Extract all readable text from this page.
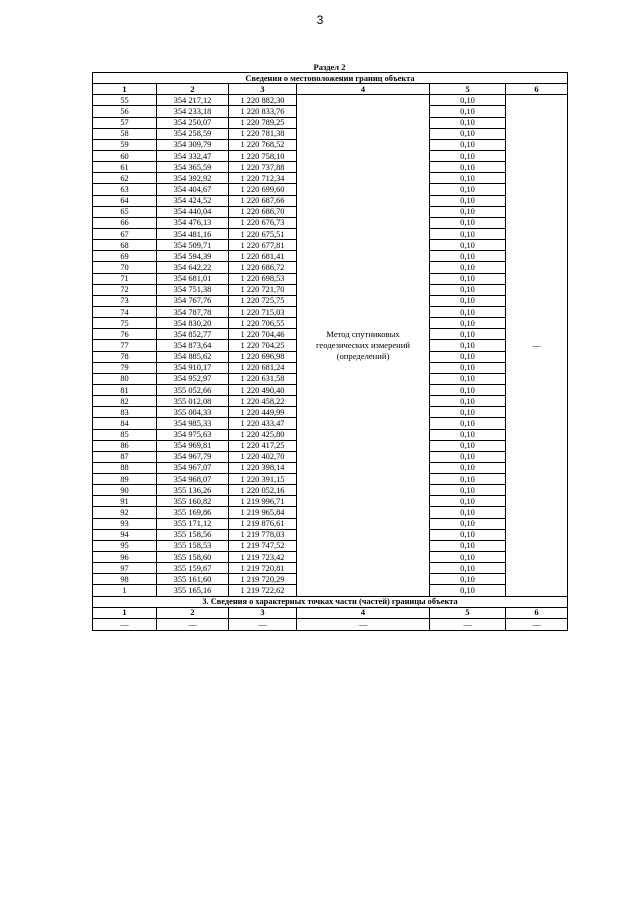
3
Раздел 2
Сведения о местоположении границ объекта					
1	2	3	4	5	6
55	354 217,12	1 220 882,30	Метод спутниковых геодезических измерений (определений)	0,10	—
56	354 233,18	1 220 833,76		0,10	
57	354 250,07	1 220 789,25		0,10	
58	354 258,59	1 220 781,38		0,10	
59	354 309,79	1 220 768,52		0,10	
60	354 332,47	1 220 758,10		0,10	
61	354 365,59	1 220 737,88		0,10	
62	354 392,92	1 220 712,34		0,10	
63	354 404,67	1 220 699,60		0,10	
64	354 424,52	1 220 687,66		0,10	
65	354 440,04	1 220 686,70		0,10	
66	354 476,13	1 220 676,73		0,10	
67	354 481,16	1 220 675,51		0,10	
68	354 509,71	1 220 677,81		0,10	
69	354 594,39	1 220 681,41		0,10	
70	354 642,22	1 220 686,72		0,10	
71	354 681,01	1 220 698,53		0,10	
72	354 751,38	1 220 721,70		0,10	
73	354 767,76	1 220 725,75		0,10	
74	354 787,78	1 220 715,03		0,10	
75	354 830,20	1 220 706,55		0,10	
76	354 852,77	1 220 704,46		0,10	
77	354 873,64	1 220 704,25		0,10	
78	354 885,62	1 220 696,98		0,10	
79	354 910,17	1 220 681,24		0,10	
80	354 952,97	1 220 631,58		0,10	
81	355 052,66	1 220 490,40		0,10	
82	355 012,08	1 220 458,22		0,10	
83	355 004,33	1 220 449,99		0,10	
84	354 985,33	1 220 433,47		0,10	
85	354 975,63	1 220 425,80		0,10	
86	354 969,81	1 220 417,25		0,10	
87	354 967,79	1 220 402,70		0,10	
88	354 967,07	1 220 398,14		0,10	
89	354 968,07	1 220 391,15		0,10	
90	355 136,26	1 220 052,16		0,10	
91	355 160,82	1 219 996,71		0,10	
92	355 169,86	1 219 965,84		0,10	
93	355 171,12	1 219 876,61		0,10	
94	355 158,56	1 219 778,03		0,10	
95	355 158,53	1 219 747,52		0,10	
96	355 158,60	1 219 723,42		0,10	
97	355 159,67	1 219 720,81		0,10	
98	355 161,60	1 219 720,29		0,10	
1	355 165,16	1 219 722,62		0,10	
3. Сведения о характерных точках части (частей) границы объекта					
1	2	3	4	5	6
—	—	—	—	—	—
